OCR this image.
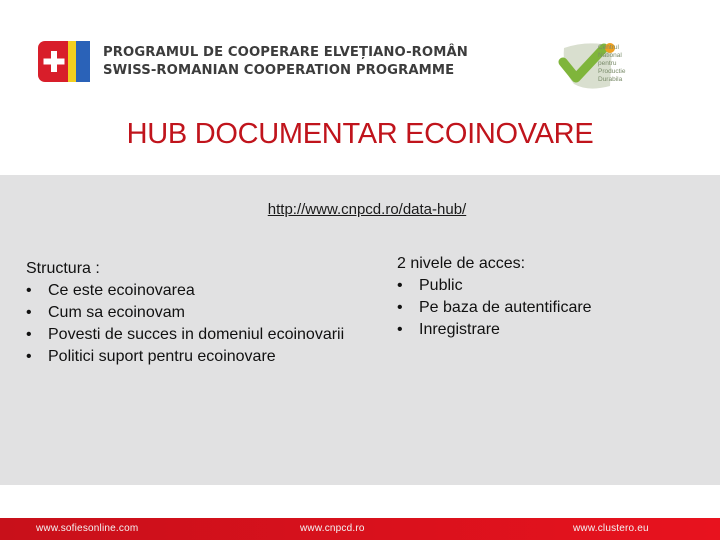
PROGRAMUL DE COOPERARE ELVEȚIANO-ROMÂN
SWISS-ROMANIAN COOPERATION PROGRAMME
Centrul National pentru Productie Durabila
HUB DOCUMENTAR ECOINOVARE
http://www.cnpcd.ro/data-hub/
Structura :
• Ce este ecoinovarea
• Cum sa ecoinovam
• Povesti de succes in domeniul ecoinovarii
• Politici suport pentru ecoinovare
2 nivele de acces:
• Public
• Pe baza de autentificare
• Inregistrare
www.sofiesonline.com	www.cnpcd.ro	www.clustero.eu
